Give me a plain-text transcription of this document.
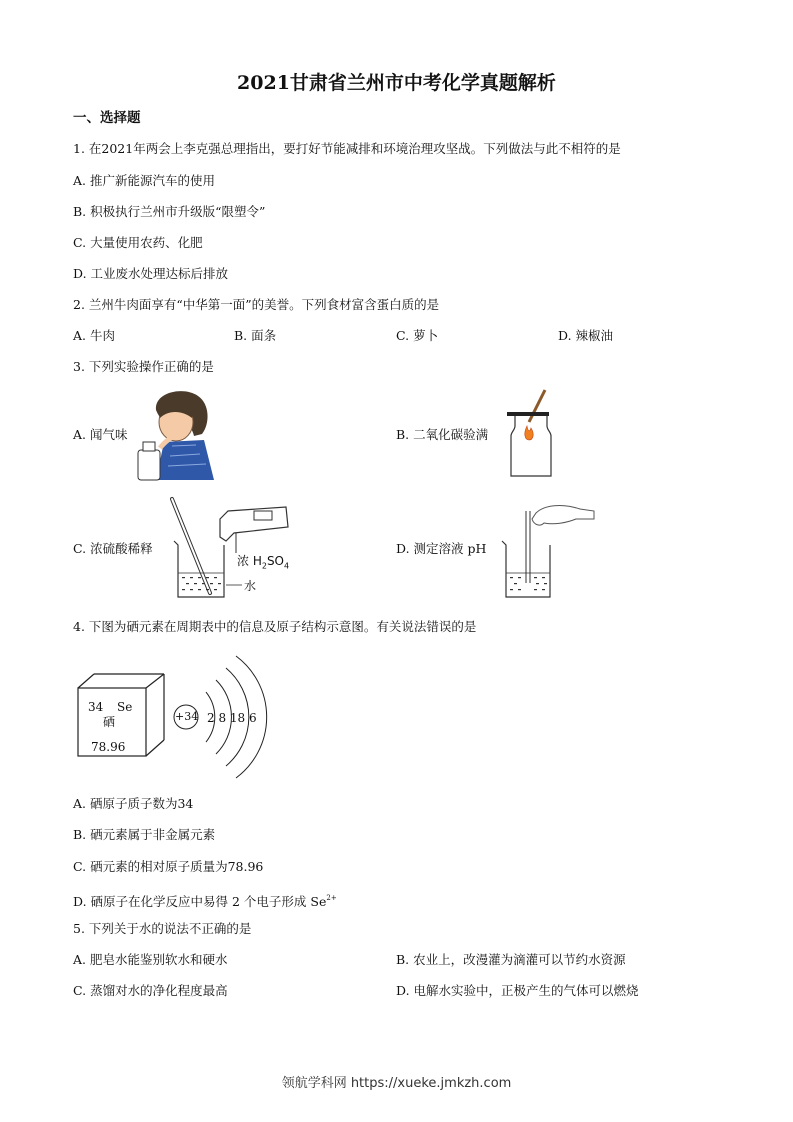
2021甘肃省兰州市中考化学真题解析
一、选择题
1. 在2021年两会上李克强总理指出，要打好节能减排和环境治理攻坚战。下列做法与此不相符的是
A. 推广新能源汽车的使用
B. 积极执行兰州市升级版“限塑令”
C. 大量使用农药、化肥
D. 工业废水处理达标后排放
2. 兰州牛肉面享有“中华第一面”的美誉。下列食材富含蛋白质的是
A. 牛肉	B. 面条	C. 萝卜	D. 辣椒油
3. 下列实验操作正确的是
A. 闻气味	B. 二氧化碳验满
C. 浓硫酸稀释	D. 测定溶液 pH
浓 $H_2SO_4$
水
4. 下图为硒元素在周期表中的信息及原子结构示意图。有关说法错误的是
34 Se
硒
78.96
+34 2 8 18 6
A. 硒原子质子数为34
B. 硒元素属于非金属元素
C. 硒元素的相对原子质量为78.96
D. 硒原子在化学反应中易得 2 个电子形成 $Se^{2+}$
5. 下列关于水的说法不正确的是
A. 肥皂水能鉴别软水和硬水	B. 农业上，改漫灌为滴灌可以节约水资源
C. 蒸馏对水的净化程度最高	D. 电解水实验中，正极产生的气体可以燃烧
领航学科网 https://xueke.jmkzh.com
